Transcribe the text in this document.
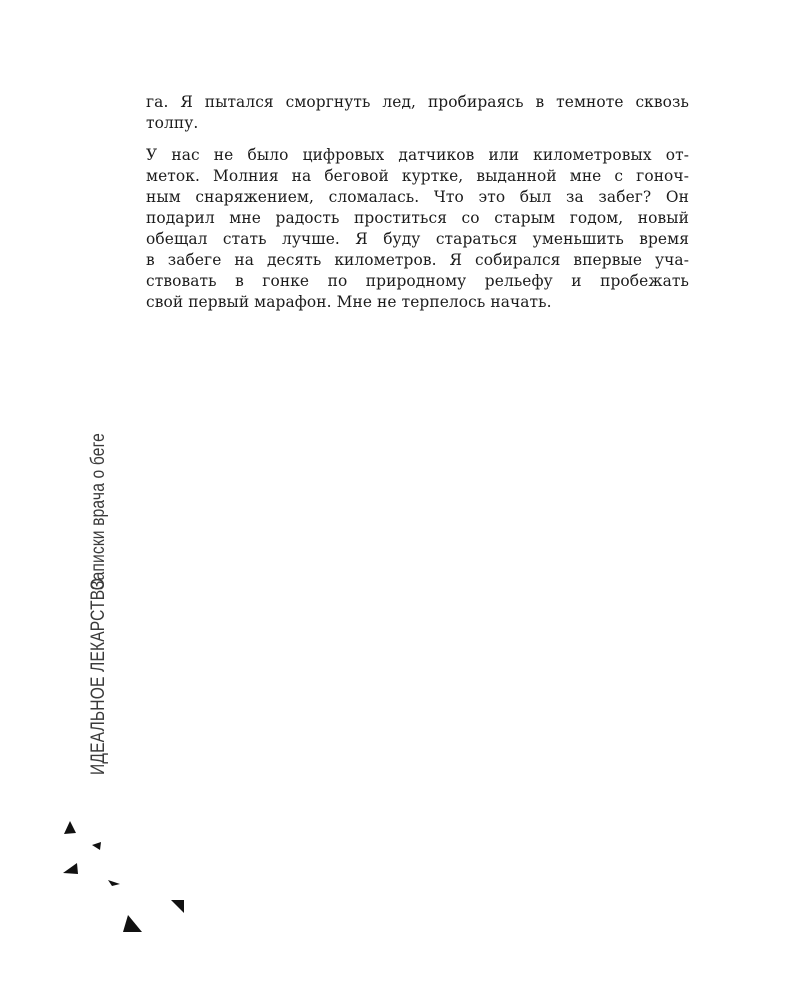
га. Я пытался сморгнуть лед, пробираясь в темноте сквозь
толпу.
У нас не было цифровых датчиков или километровых от-
меток. Молния на беговой куртке, выданной мне с гоноч-
ным снаряжением, сломалась. Что это был за забег? Он
подарил мне радость проститься со старым годом, новый
обещал стать лучше. Я буду стараться уменьшить время
в забеге на десять километров. Я собирался впервые уча-
ствовать в гонке по природному рельефу и пробежать
свой первый марафон. Мне не терпелось начать.
ИДЕАЛЬНОЕ ЛЕКАРСТВО
Записки врача о беге
